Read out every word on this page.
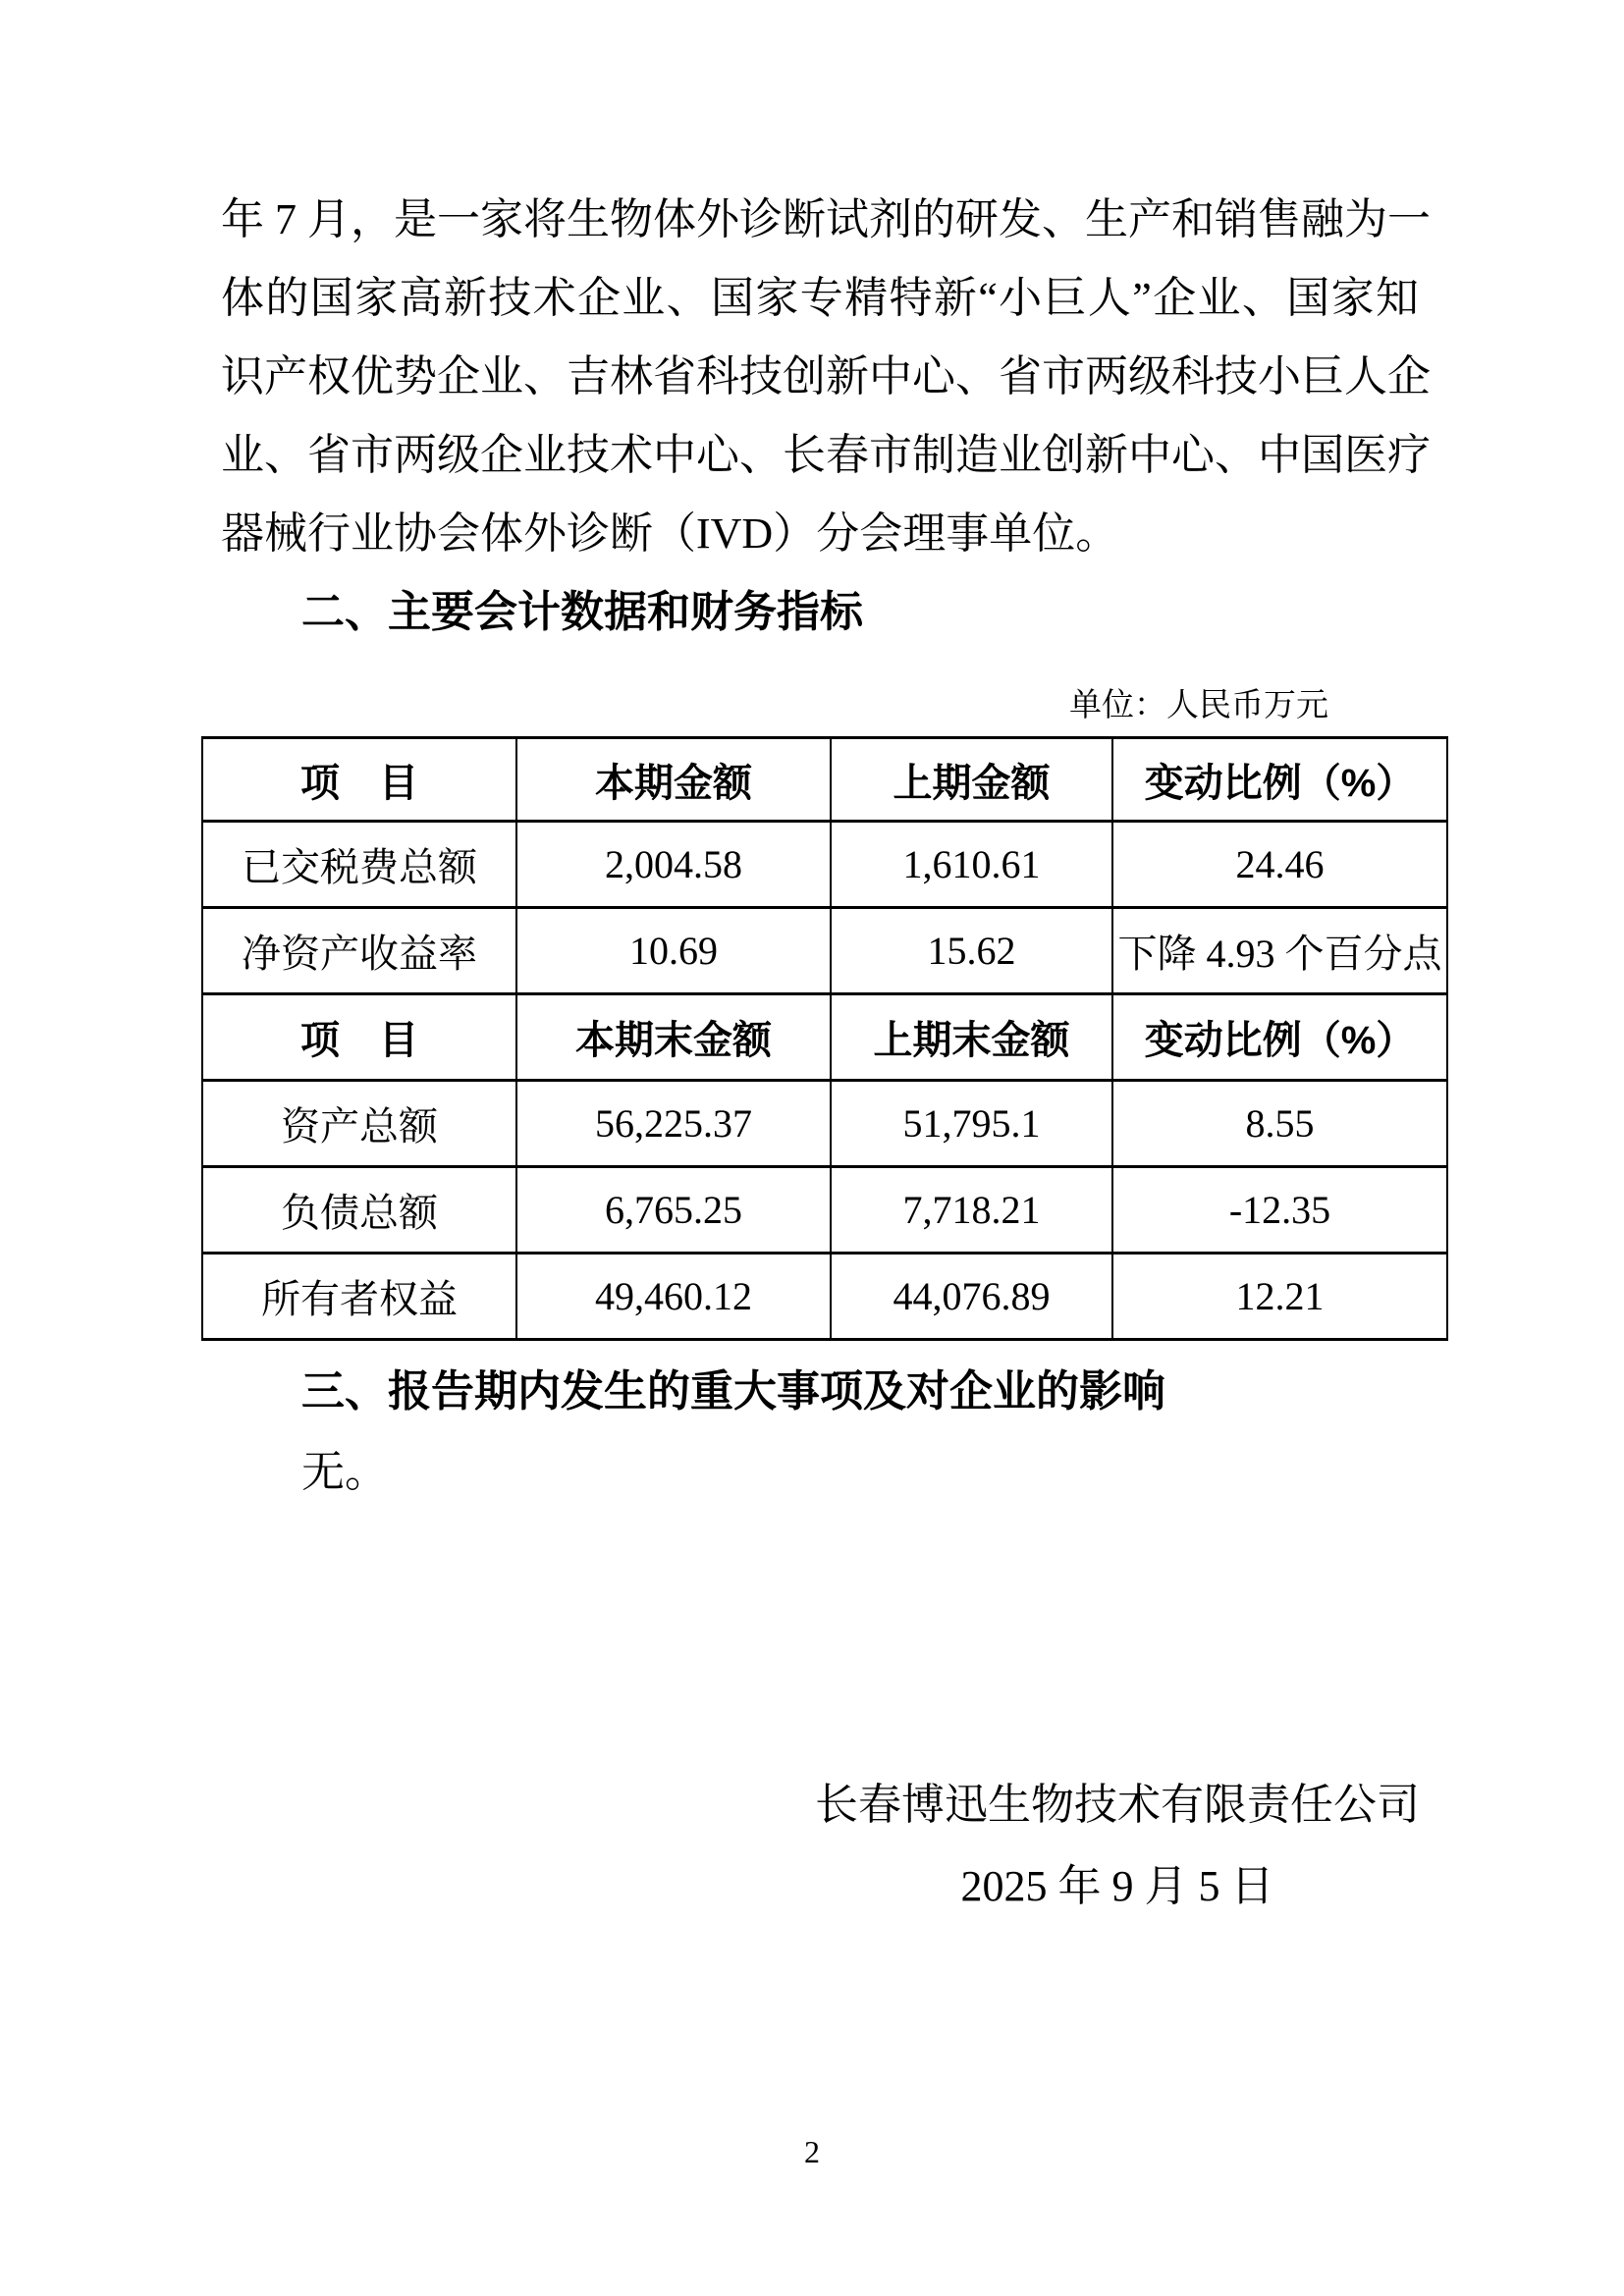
年 7 月，是一家将生物体外诊断试剂的研发、生产和销售融为一
体的国家高新技术企业、国家专精特新“小巨人”企业、国家知
识产权优势企业、吉林省科技创新中心、省市两级科技小巨人企
业、省市两级企业技术中心、长春市制造业创新中心、中国医疗
器械行业协会体外诊断（IVD）分会理事单位。
二、主要会计数据和财务指标
单位：人民币万元
项　目	本期金额	上期金额	变动比例（%）
已交税费总额	2,004.58	1,610.61	24.46
净资产收益率	10.69	15.62	下降 4.93 个百分点
项　目	本期末金额	上期末金额	变动比例（%）
资产总额	56,225.37	51,795.1	8.55
负债总额	6,765.25	7,718.21	-12.35
所有者权益	49,460.12	44,076.89	12.21
三、报告期内发生的重大事项及对企业的影响
无。
长春博迅生物技术有限责任公司
2025 年 9 月 5 日
2
